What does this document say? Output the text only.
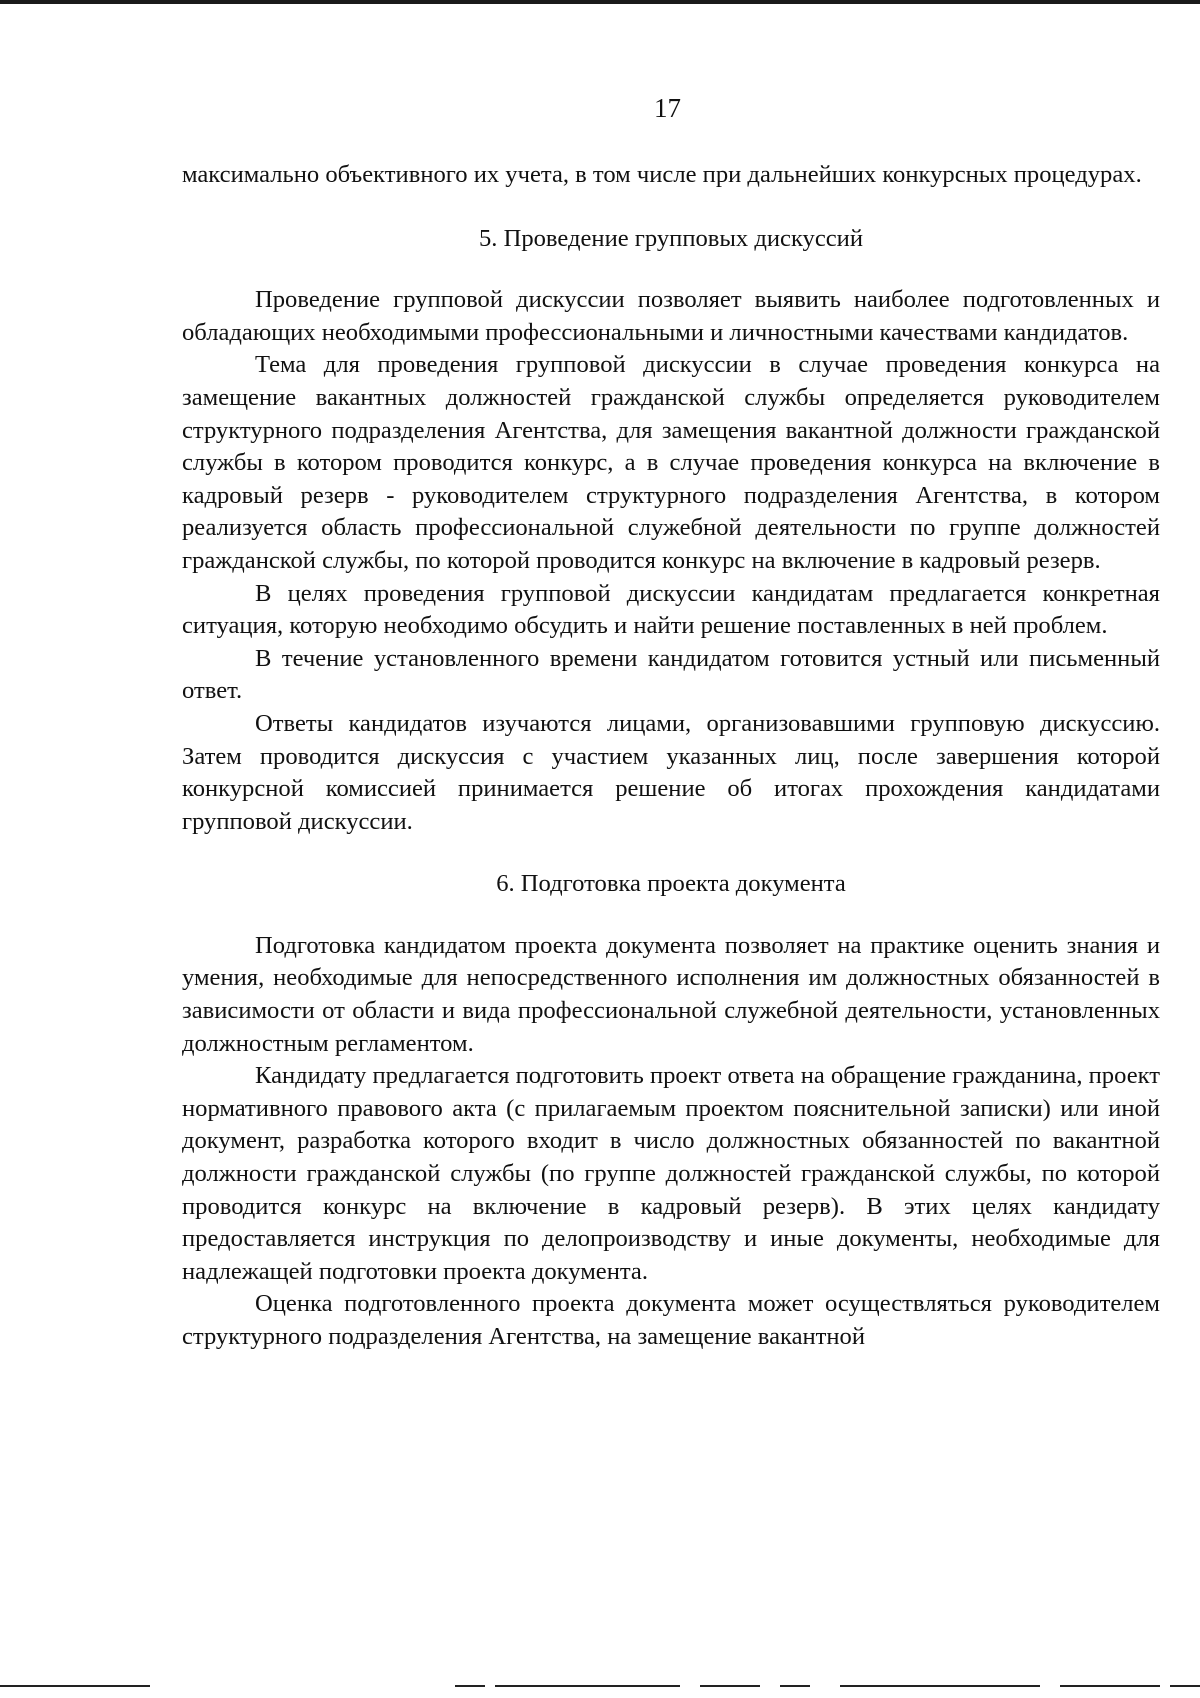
17

максимально объективного их учета, в том числе при дальнейших конкурсных процедурах.

5. Проведение групповых дискуссий

Проведение групповой дискуссии позволяет выявить наиболее подготовленных и обладающих необходимыми профессиональными и личностными качествами кандидатов.

Тема для проведения групповой дискуссии в случае проведения конкурса на замещение вакантных должностей гражданской службы определяется руководителем структурного подразделения Агентства, для замещения вакантной должности гражданской службы в котором проводится конкурс, а в случае проведения конкурса на включение в кадровый резерв - руководителем структурного подразделения Агентства, в котором реализуется область профессиональной служебной деятельности по группе должностей гражданской службы, по которой проводится конкурс на включение в кадровый резерв.

В целях проведения групповой дискуссии кандидатам предлагается конкретная ситуация, которую необходимо обсудить и найти решение поставленных в ней проблем.

В течение установленного времени кандидатом готовится устный или письменный ответ.

Ответы кандидатов изучаются лицами, организовавшими групповую дискуссию. Затем проводится дискуссия с участием указанных лиц, после завершения которой конкурсной комиссией принимается решение об итогах прохождения кандидатами групповой дискуссии.

6. Подготовка проекта документа

Подготовка кандидатом проекта документа позволяет на практике оценить знания и умения, необходимые для непосредственного исполнения им должностных обязанностей в зависимости от области и вида профессиональной служебной деятельности, установленных должностным регламентом.

Кандидату предлагается подготовить проект ответа на обращение гражданина, проект нормативного правового акта (с прилагаемым проектом пояснительной записки) или иной документ, разработка которого входит в число должностных обязанностей по вакантной должности гражданской службы (по группе должностей гражданской службы, по которой проводится конкурс на включение в кадровый резерв). В этих целях кандидату предоставляется инструкция по делопроизводству и иные документы, необходимые для надлежащей подготовки проекта документа.

Оценка подготовленного проекта документа может осуществляться руководителем структурного подразделения Агентства, на замещение вакантной
